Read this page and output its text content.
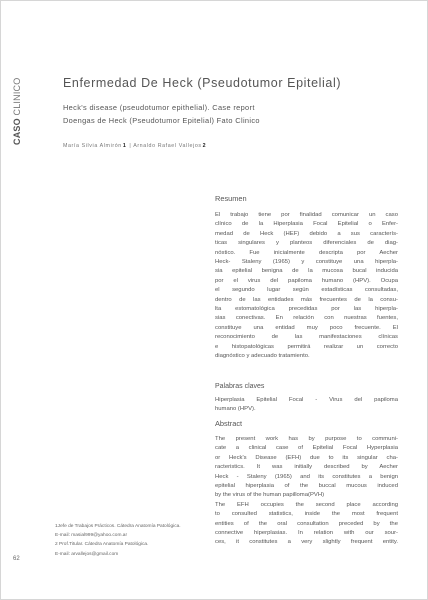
CASO CLINICO	Enfermedad De Heck (Pseudotumor Epitelial)
Heck's disease (pseudotumor epithelial). Case report
Doengas de Heck (Pseudotumor Epitelial) Fato Clinico
María Silvia Almirón1 | Arnaldo Rafael Vallejos2
Resumen
El trabajo tiene por finalidad comunicar un caso
clínico de la Hiperplasia Focal Epitelial o Enfer-
medad de Heck (HEF) debido a sus caracterís-
ticas singulares y planteos diferenciales de diag-
nóstico. Fue inicialmente descripta por Aecher
Heck- Staleny (1965) y constituye una hiperpla-
sia epitelial benigna de la mucosa bucal inducida
por el virus del papiloma humano (HPV). Ocupa
el segundo lugar según estadísticas consultadas,
dentro de las entidades más frecuentes de la consu-
lta estomatológica precedidas por las hiperpla-
sias conectivas. En relación con nuestras fuentes,
constituye una entidad muy poco frecuente. El
reconocimiento de las manifestaciones clínicas
e histopatológicas permitirá realizar un correcto
diagnóstico y adecuado tratamiento.
Palabras claves
Hiperplasia Epitelial Focal - Virus del papiloma
humano (HPV).
Abstract
The present work has by purpose to communi-
cate a clinical case of Epitelial Focal Hyperplasia
or Heck's Disease (EFH) due to its singular cha-
racteristics. It was initially described by Aecher
Heck - Staleny (1965) and its constitutes a benign
epitelial hiperplasia of the buccal mucous induced
by the virus of the human papilloma(PVH)
The EFH occupies the second place according
to consulted statistics, inside the most frequent
entities of the oral consultation preceded by the
connective hiperplasias. In relation with our sour-
ces, it constitutes a very slightly frequent entity.
1Jefe de Trabajos Prácticos. Cátedra Anatomía Patológica.
E-mail: masial999@yahoo.com.ar
2 Prof.Titular. Cátedra Anatomía Patológica.
E-mail: arvallejos@gmail.com
62
